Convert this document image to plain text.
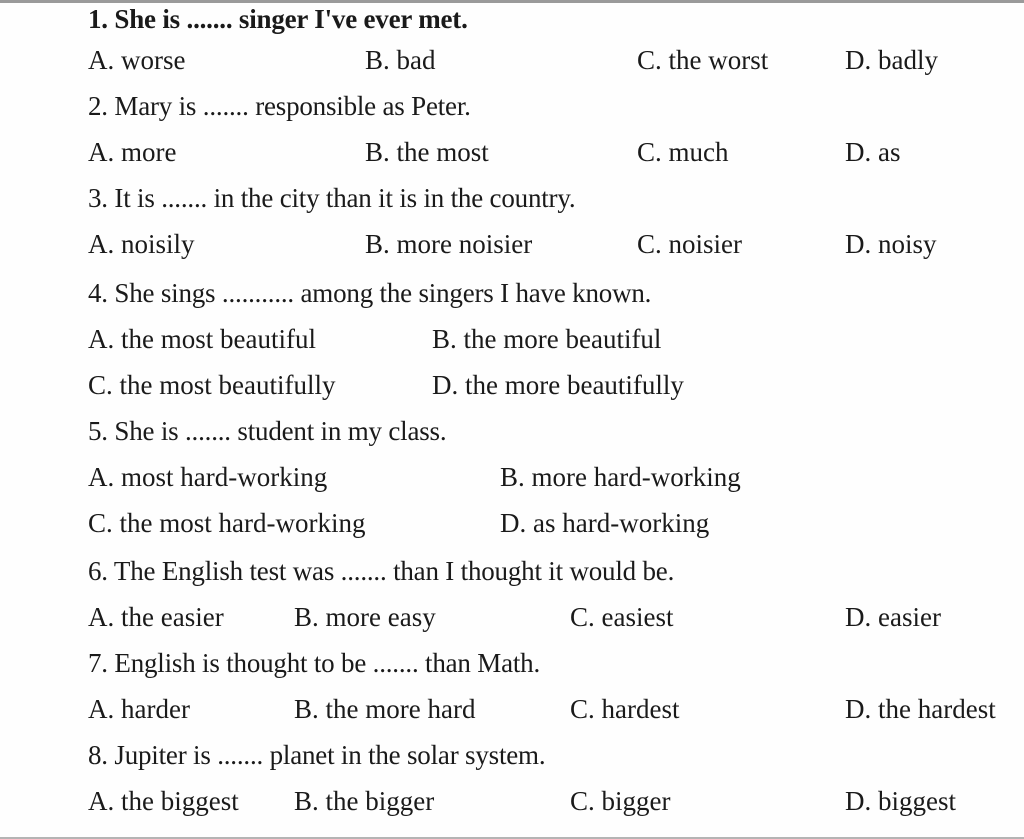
1. She is ....... singer I've ever met.
A. worse	B. bad	C. the worst	D. badly
2. Mary is ....... responsible as Peter.
A. more	B. the most	C. much	D. as
3. It is ....... in the city than it is in the country.
A. noisily	B. more noisier	C. noisier	D. noisy
4. She sings ........... among the singers I have known.
A. the most beautiful	B. the more beautiful
C. the most beautifully	D. the more beautifully
5. She is ....... student in my class.
A. most hard-working	B. more hard-working
C. the most hard-working	D. as hard-working
6. The English test was ....... than I thought it would be.
A. the easier	B. more easy	C. easiest	D. easier
7. English is thought to be ....... than Math.
A. harder	B. the more hard	C. hardest	D. the hardest
8. Jupiter is ....... planet in the solar system.
A. the biggest B. the bigger	C. bigger	D. biggest
